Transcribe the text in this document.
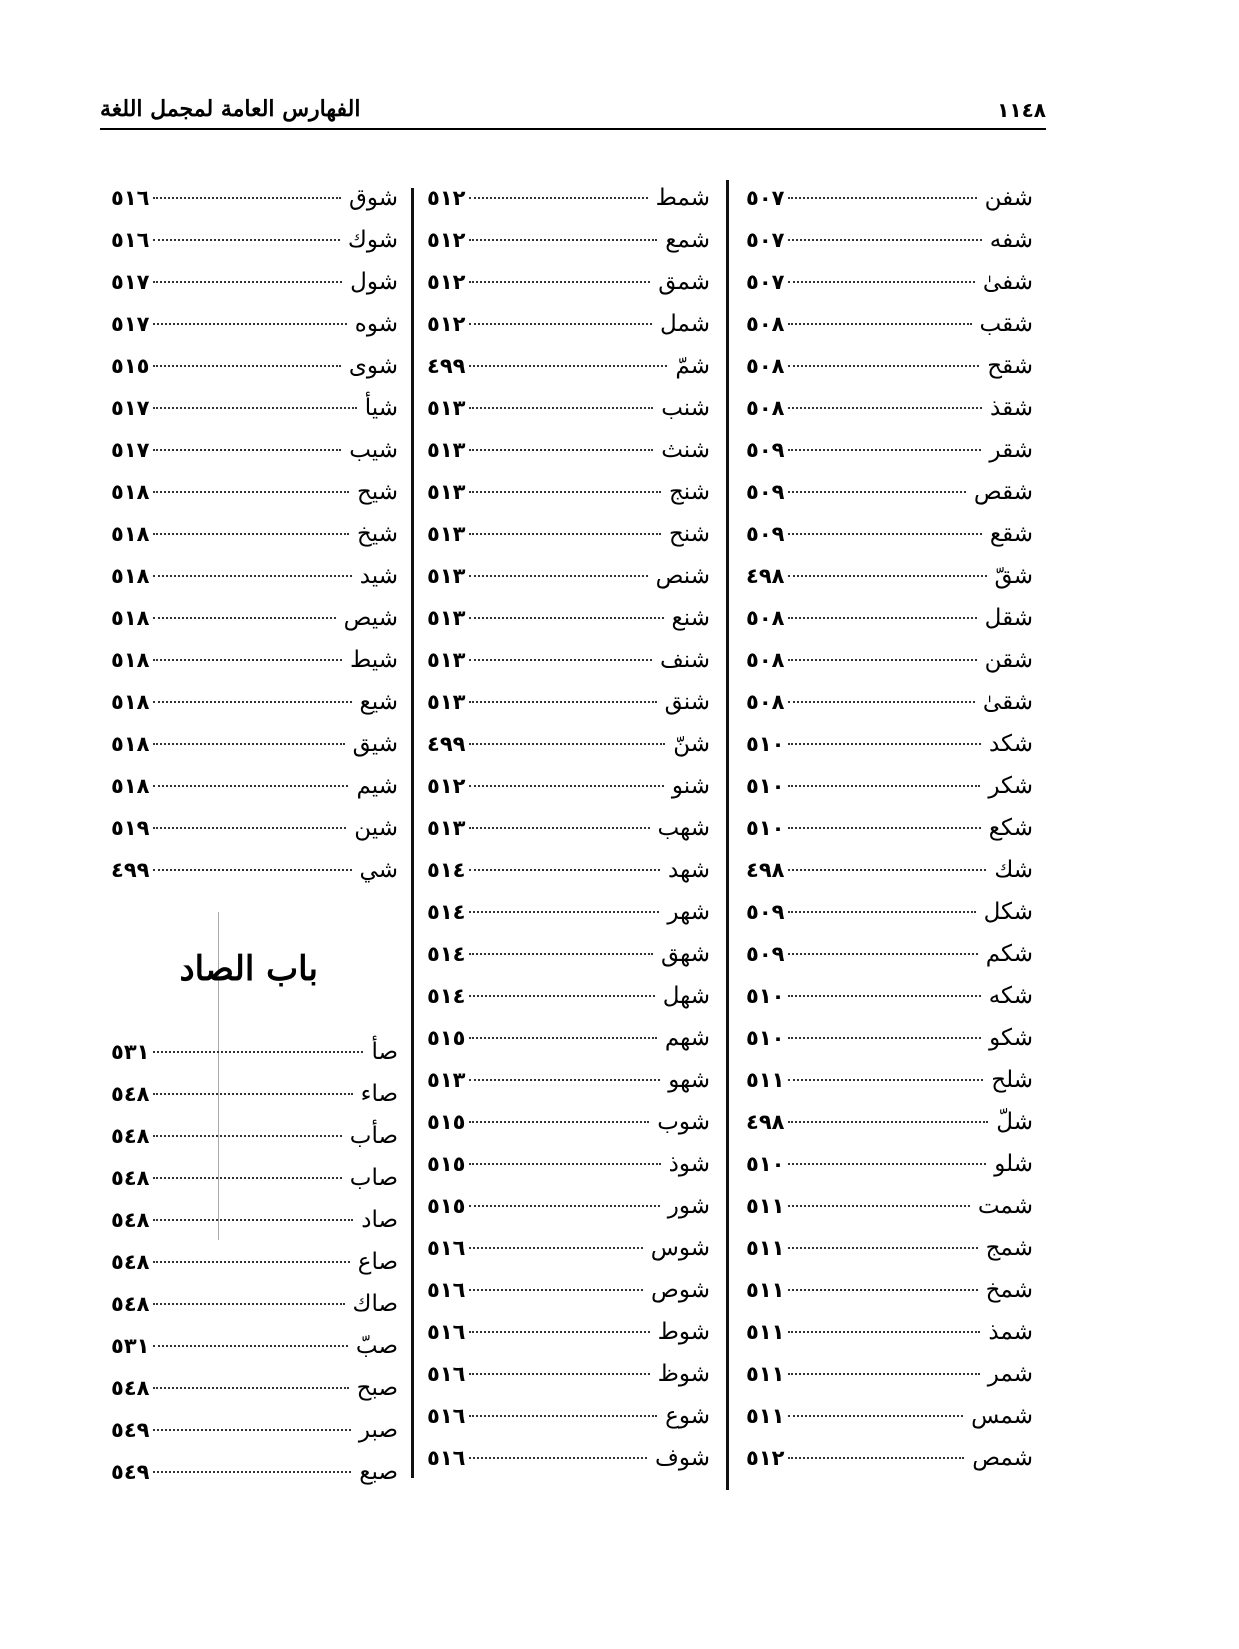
١١٤٨
الفهارس العامة لمجمل اللغة
شفن
٥٠٧
شفه
٥٠٧
شفىٰ
٥٠٧
شقب
٥٠٨
شقح
٥٠٨
شقذ
٥٠٨
شقر
٥٠٩
شقص
٥٠٩
شقع
٥٠٩
شقّ
٤٩٨
شقل
٥٠٨
شقن
٥٠٨
شقىٰ
٥٠٨
شكد
٥١٠
شكر
٥١٠
شكع
٥١٠
شك
٤٩٨
شكل
٥٠٩
شكم
٥٠٩
شكه
٥١٠
شكو
٥١٠
شلح
٥١١
شلّ
٤٩٨
شلو
٥١٠
شمت
٥١١
شمج
٥١١
شمخ
٥١١
شمذ
٥١١
شمر
٥١١
شمس
٥١١
شمص
٥١٢
شمط
٥١٢
شمع
٥١٢
شمق
٥١٢
شمل
٥١٢
شمّ
٤٩٩
شنب
٥١٣
شنث
٥١٣
شنج
٥١٣
شنح
٥١٣
شنص
٥١٣
شنع
٥١٣
شنف
٥١٣
شنق
٥١٣
شنّ
٤٩٩
شنو
٥١٢
شهب
٥١٣
شهد
٥١٤
شهر
٥١٤
شهق
٥١٤
شهل
٥١٤
شهم
٥١٥
شهو
٥١٣
شوب
٥١٥
شوذ
٥١٥
شور
٥١٥
شوس
٥١٦
شوص
٥١٦
شوط
٥١٦
شوظ
٥١٦
شوع
٥١٦
شوف
٥١٦
شوق
٥١٦
شوك
٥١٦
شول
٥١٧
شوه
٥١٧
شوى
٥١٥
شيأ
٥١٧
شيب
٥١٧
شيح
٥١٨
شيخ
٥١٨
شيد
٥١٨
شيص
٥١٨
شيط
٥١٨
شيع
٥١٨
شيق
٥١٨
شيم
٥١٨
شين
٥١٩
شي
٤٩٩
باب الصاد
صأ
٥٣١
صاء
٥٤٨
صأب
٥٤٨
صاب
٥٤٨
صاد
٥٤٨
صاع
٥٤٨
صاك
٥٤٨
صبّ
٥٣١
صبح
٥٤٨
صبر
٥٤٩
صبع
٥٤٩
